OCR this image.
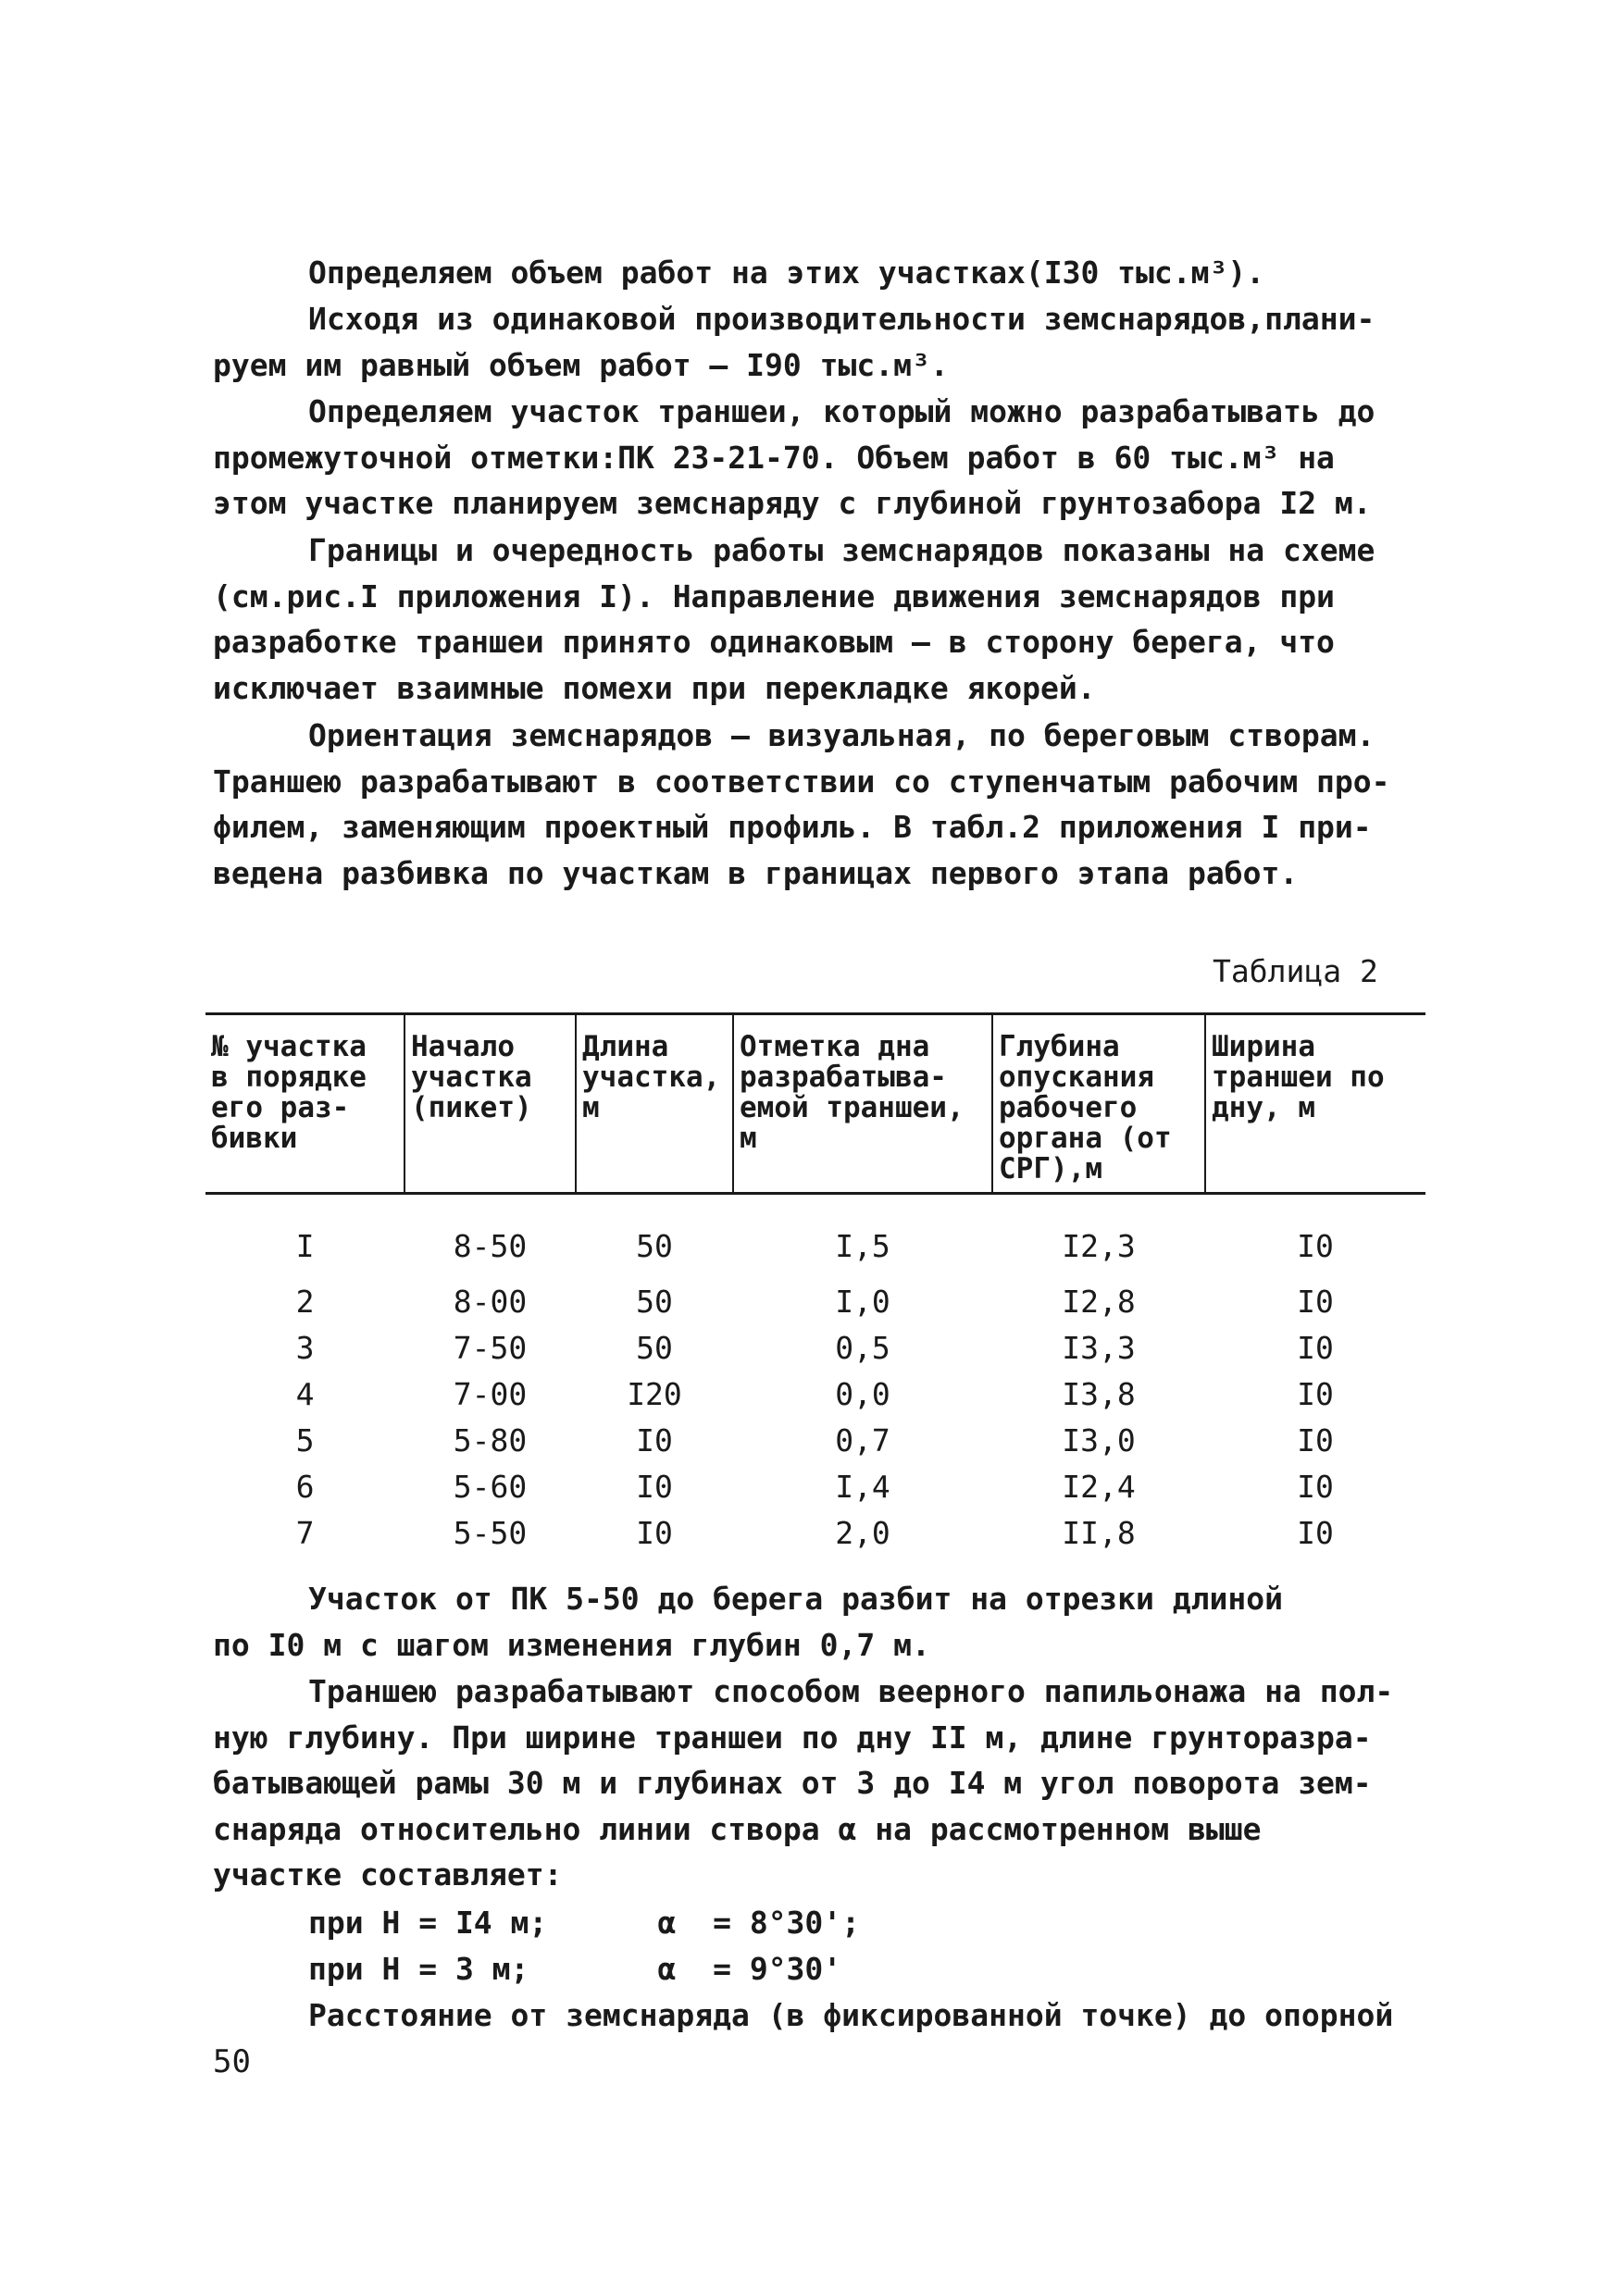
Определяем объем работ на этих участках(I30 тыс.м³).

Исходя из одинаковой производительности земснарядов,плани-
руем им равный объем работ – I90 тыс.м³.

Определяем участок траншеи, который можно разрабатывать до
промежуточной отметки:ПК 23-21-70. Объем работ в 60 тыс.м³ на
этом участке планируем земснаряду с глубиной грунтозабора I2 м.

Границы и очередность работы земснарядов показаны на схеме
(см.рис.I приложения I). Направление движения земснарядов при
разработке траншеи принято одинаковым – в сторону берега, что
исключает взаимные помехи при перекладке якорей.

Ориентация земснарядов – визуальная, по береговым створам.
Траншею разрабатывают в соответствии со ступенчатым рабочим про-
филем, заменяющим проектный профиль. В табл.2 приложения I при-
ведена разбивка по участкам в границах первого этапа работ.

Таблица 2
№ участка в порядке его раз-бивки	Начало участка (пикет)	Длина участка, м	Отметка дна разрабатыва-емой траншеи, м	Глубина опускания рабочего органа (от СРГ),м	Ширина траншеи по дну, м
I	8-50	50	I,5	I2,3	I0
2	8-00	50	I,0	I2,8	I0
3	7-50	50	0,5	I3,3	I0
4	7-00	I20	0,0	I3,8	I0
5	5-80	I0	0,7	I3,0	I0
6	5-60	I0	I,4	I2,4	I0
7	5-50	I0	2,0	II,8	I0

Участок от ПК 5-50 до берега разбит на отрезки длиной
по I0 м с шагом изменения глубин 0,7 м.

Траншею разрабатывают способом веерного папильонажа на пол-
ную глубину. При ширине траншеи по дну II м, длине грунтоpазра-
батывающей рамы 30 м и глубинах от 3 до I4 м угол поворота зем-
снаряда относительно линии створа α на рассмотренном выше
участке составляет:

при Н = I4 м;      α  = 8°30';
при Н = 3 м;       α  = 9°30'

Расстояние от земснаряда (в фиксированной точке) до опорной

50
